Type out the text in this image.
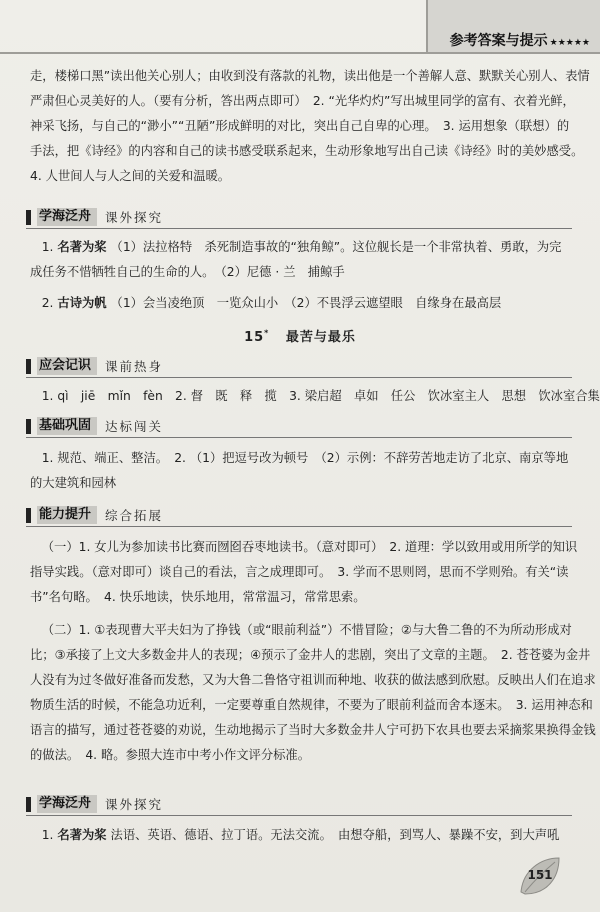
参考答案与提示 ★★★★★
走，楼梯口黑”读出他关心别人；由收到没有落款的礼物，读出他是一个善解人意、默默关心别人、表情
严肃但心灵美好的人。（要有分析，答出两点即可）　2. “光华灼灼”写出城里同学的富有、衣着光鲜，
神采飞扬，与自己的“渺小”“丑陋”形成鲜明的对比，突出自己自卑的心理。　3. 运用想象（联想）的
手法，把《诗经》的内容和自己的读书感受联系起来，生动形象地写出自己读《诗经》时的美妙感受。
4. 人世间人与人之间的关爱和温暖。
学海泛舟	课外探究
1. 名著为桨 （1）法拉格特　杀死制造事故的“独角鲸”。这位舰长是一个非常执着、勇敢，为完
成任务不惜牺牲自己的生命的人。　（2）尼德 · 兰　捕鲸手
2. 古诗为帆 （1）会当凌绝顶　一览众山小　（2）不畏浮云遮望眼　自缘身在最高层
15* 最苦与最乐
应会记识	课前热身
1. qì　jiē　mǐn　fèn　2. 督　既　释　揽　3. 梁启超　卓如　任公　饮冰室主人　思想　饮冰室合集
基础巩固	达标闯关
1. 规范、端正、整洁。　2. （1）把逗号改为顿号　（2）示例：不辞劳苦地走访了北京、南京等地
的大建筑和园林
能力提升	综合拓展
（一）1. 女儿为参加读书比赛而囫囵吞枣地读书。（意对即可）　2. 道理：学以致用或用所学的知识
指导实践。（意对即可）谈自己的看法，言之成理即可。　3. 学而不思则罔，思而不学则殆。有关“读
书”名句略。　4. 快乐地读，快乐地用，常常温习，常常思索。
（二）1. ①表现曹大平夫妇为了挣钱（或“眼前利益”）不惜冒险；②与大鲁二鲁的不为所动形成对
比；③承接了上文大多数金井人的表现；④预示了金井人的悲剧，突出了文章的主题。　2. 苍苍婆为金井
人没有为过冬做好准备而发愁，又为大鲁二鲁恪守祖训而种地、收获的做法感到欣慰。反映出人们在追求
物质生活的时候，不能急功近利，一定要尊重自然规律，不要为了眼前利益而舍本逐末。　3. 运用神态和
语言的描写，通过苍苍婆的劝说，生动地揭示了当时大多数金井人宁可扔下农具也要去采摘浆果换得金钱
的做法。　4. 略。参照大连市中考小作文评分标准。
学海泛舟	课外探究
1. 名著为桨 法语、英语、德语、拉丁语。无法交流。　由想夺船，到骂人、暴躁不安，到大声吼
151
